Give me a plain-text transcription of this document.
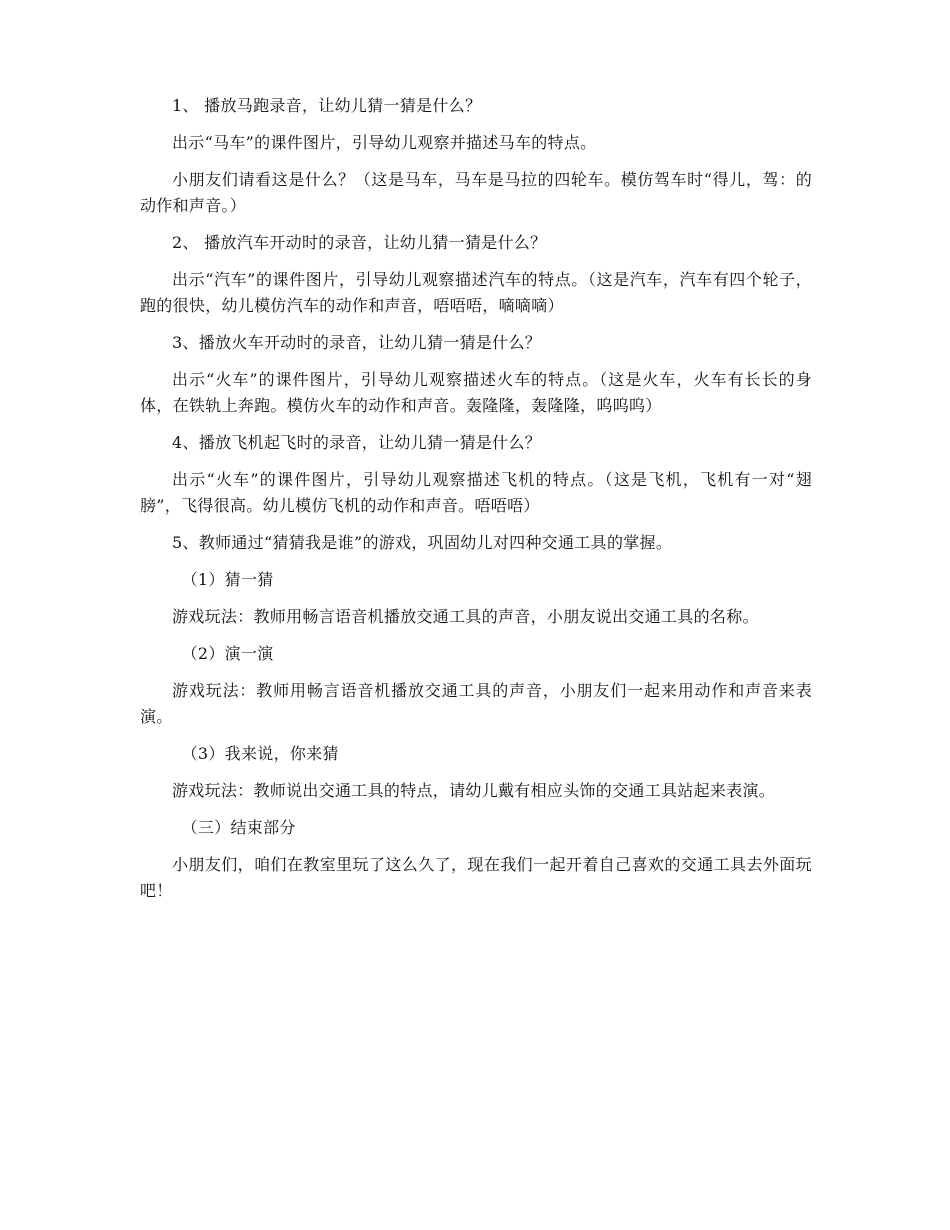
1、 播放马跑录音，让幼儿猜一猜是什么？

出示“马车”的课件图片，引导幼儿观察并描述马车的特点。

小朋友们请看这是什么？（这是马车，马车是马拉的四轮车。模仿驾车时“得儿，驾：的动作和声音。）

2、 播放汽车开动时的录音，让幼儿猜一猜是什么？

出示“汽车”的课件图片，引导幼儿观察描述汽车的特点。（这是汽车，汽车有四个轮子，跑的很快，幼儿模仿汽车的动作和声音，唔唔唔，嘀嘀嘀）

3、播放火车开动时的录音，让幼儿猜一猜是什么？

出示“火车”的课件图片，引导幼儿观察描述火车的特点。（这是火车，火车有长长的身体，在铁轨上奔跑。模仿火车的动作和声音。轰隆隆，轰隆隆，呜呜呜）

4、播放飞机起飞时的录音，让幼儿猜一猜是什么？

出示“火车”的课件图片，引导幼儿观察描述飞机的特点。（这是飞机，飞机有一对“翅膀”，飞得很高。幼儿模仿飞机的动作和声音。唔唔唔）

5、教师通过“猜猜我是谁”的游戏，巩固幼儿对四种交通工具的掌握。

（1）猜一猜

游戏玩法：教师用畅言语音机播放交通工具的声音，小朋友说出交通工具的名称。

（2）演一演

游戏玩法：教师用畅言语音机播放交通工具的声音，小朋友们一起来用动作和声音来表演。

（3）我来说，你来猜

游戏玩法：教师说出交通工具的特点，请幼儿戴有相应头饰的交通工具站起来表演。

（三）结束部分

小朋友们，咱们在教室里玩了这么久了，现在我们一起开着自己喜欢的交通工具去外面玩吧！
